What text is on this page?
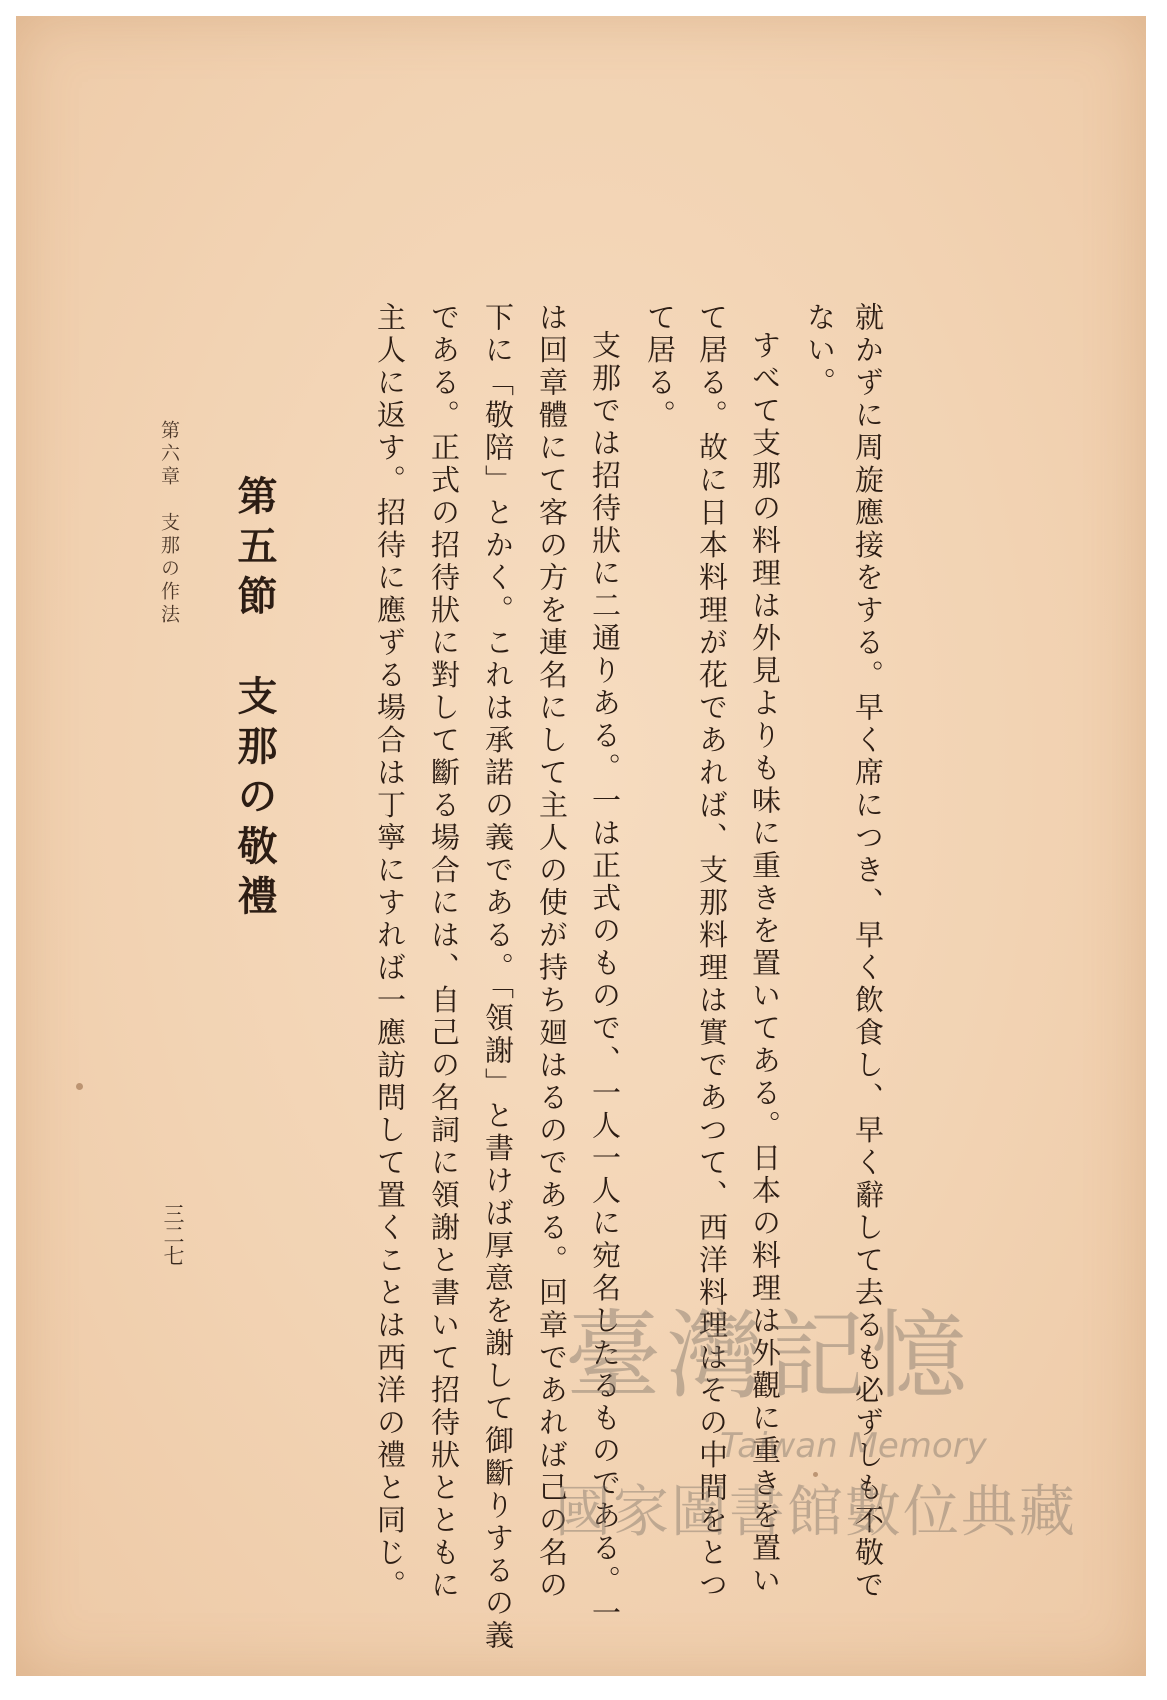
就かずに周旋應接をする。早く席につき、早く飲食し、早く辭して去るも必ずしも不敬で
ない。
すべて支那の料理は外見よりも味に重きを置いてある。日本の料理は外觀に重きを置い
て居る。故に日本料理が花であれば、支那料理は實であつて、西洋料理はその中間をとつ
て居る。
支那では招待狀に二通りある。一は正式のもので、一人一人に宛名したるものである。一
は回章體にて客の方を連名にして主人の使が持ち廻はるのである。回章であれば己の名の
下に「敬陪」とかく。これは承諾の義である。「領謝」と書けば厚意を謝して御斷りするの義
である。正式の招待狀に對して斷る場合には、自己の名詞に領謝と書いて招待狀とともに
主人に返す。招待に應ずる場合は丁寧にすれば一應訪問して置くことは西洋の禮と同じ。
第五節　支那の敬禮
第六章　支那の作法
三二七
臺灣記憶
Taiwan Memory
國家圖書館數位典藏
